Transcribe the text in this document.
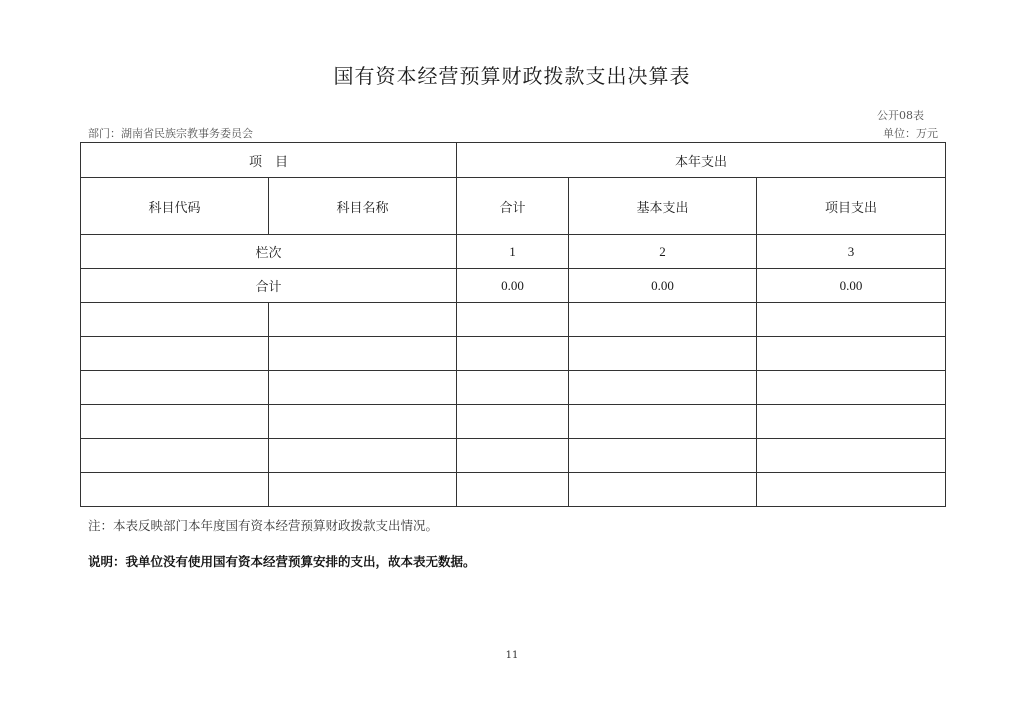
国有资本经营预算财政拨款支出决算表
公开08表
部门：湖南省民族宗教事务委员会	单位：万元
项　目		本年支出		
科目代码	科目名称	合计	基本支出	项目支出
栏次		1	2	3
合计		0.00	0.00	0.00

注：本表反映部门本年度国有资本经营预算财政拨款支出情况。
说明：我单位没有使用国有资本经营预算安排的支出，故本表无数据。
11
